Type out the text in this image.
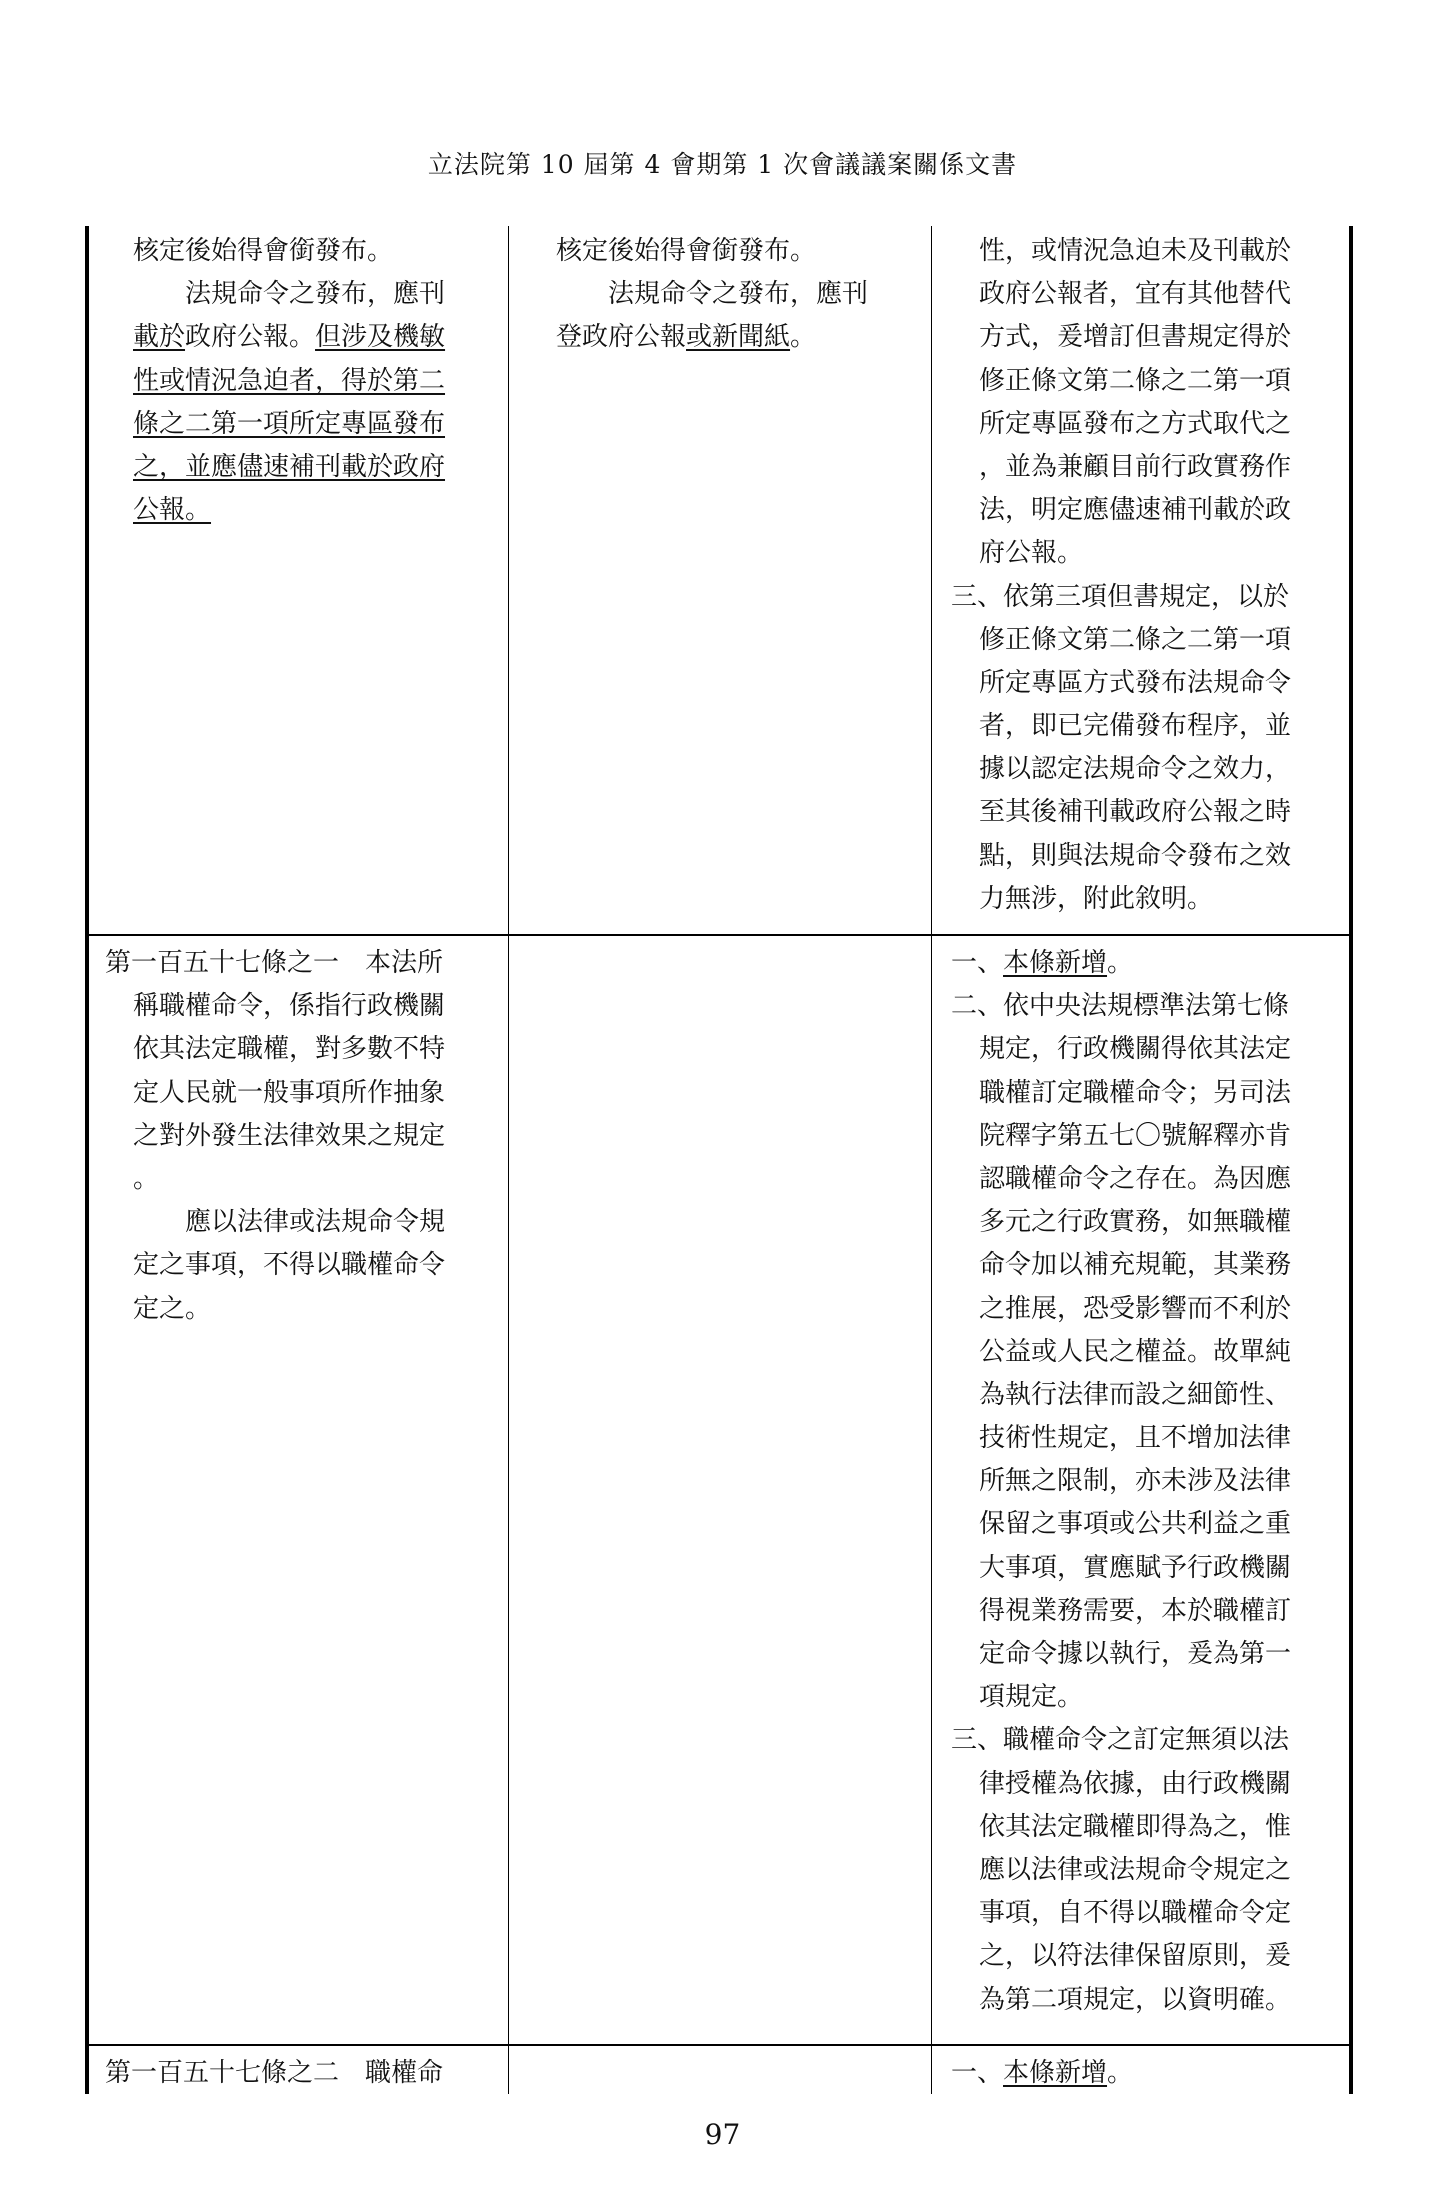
立法院第 10 屆第 4 會期第 1 次會議議案關係文書
核定後始得會銜發布。
　　法規命令之發布，應刊
載於政府公報。但涉及機敏
性或情況急迫者，得於第二
條之二第一項所定專區發布
之，並應儘速補刊載於政府
公報。
核定後始得會銜發布。
　　法規命令之發布，應刊
登政府公報或新聞紙。
性，或情況急迫未及刊載於
政府公報者，宜有其他替代
方式，爰增訂但書規定得於
修正條文第二條之二第一項
所定專區發布之方式取代之
，並為兼顧目前行政實務作
法，明定應儘速補刊載於政
府公報。
三、依第三項但書規定，以於
修正條文第二條之二第一項
所定專區方式發布法規命令
者，即已完備發布程序，並
據以認定法規命令之效力，
至其後補刊載政府公報之時
點，則與法規命令發布之效
力無涉，附此敘明。
第一百五十七條之一　本法所
稱職權命令，係指行政機關
依其法定職權，對多數不特
定人民就一般事項所作抽象
之對外發生法律效果之規定
。
　　應以法律或法規命令規
定之事項，不得以職權命令
定之。
一、本條新增。
二、依中央法規標準法第七條
規定，行政機關得依其法定
職權訂定職權命令；另司法
院釋字第五七〇號解釋亦肯
認職權命令之存在。為因應
多元之行政實務，如無職權
命令加以補充規範，其業務
之推展，恐受影響而不利於
公益或人民之權益。故單純
為執行法律而設之細節性、
技術性規定，且不增加法律
所無之限制，亦未涉及法律
保留之事項或公共利益之重
大事項，實應賦予行政機關
得視業務需要，本於職權訂
定命令據以執行，爰為第一
項規定。
三、職權命令之訂定無須以法
律授權為依據，由行政機關
依其法定職權即得為之，惟
應以法律或法規命令規定之
事項，自不得以職權命令定
之，以符法律保留原則，爰
為第二項規定，以資明確。
第一百五十七條之二　職權命	一、本條新增。
97
